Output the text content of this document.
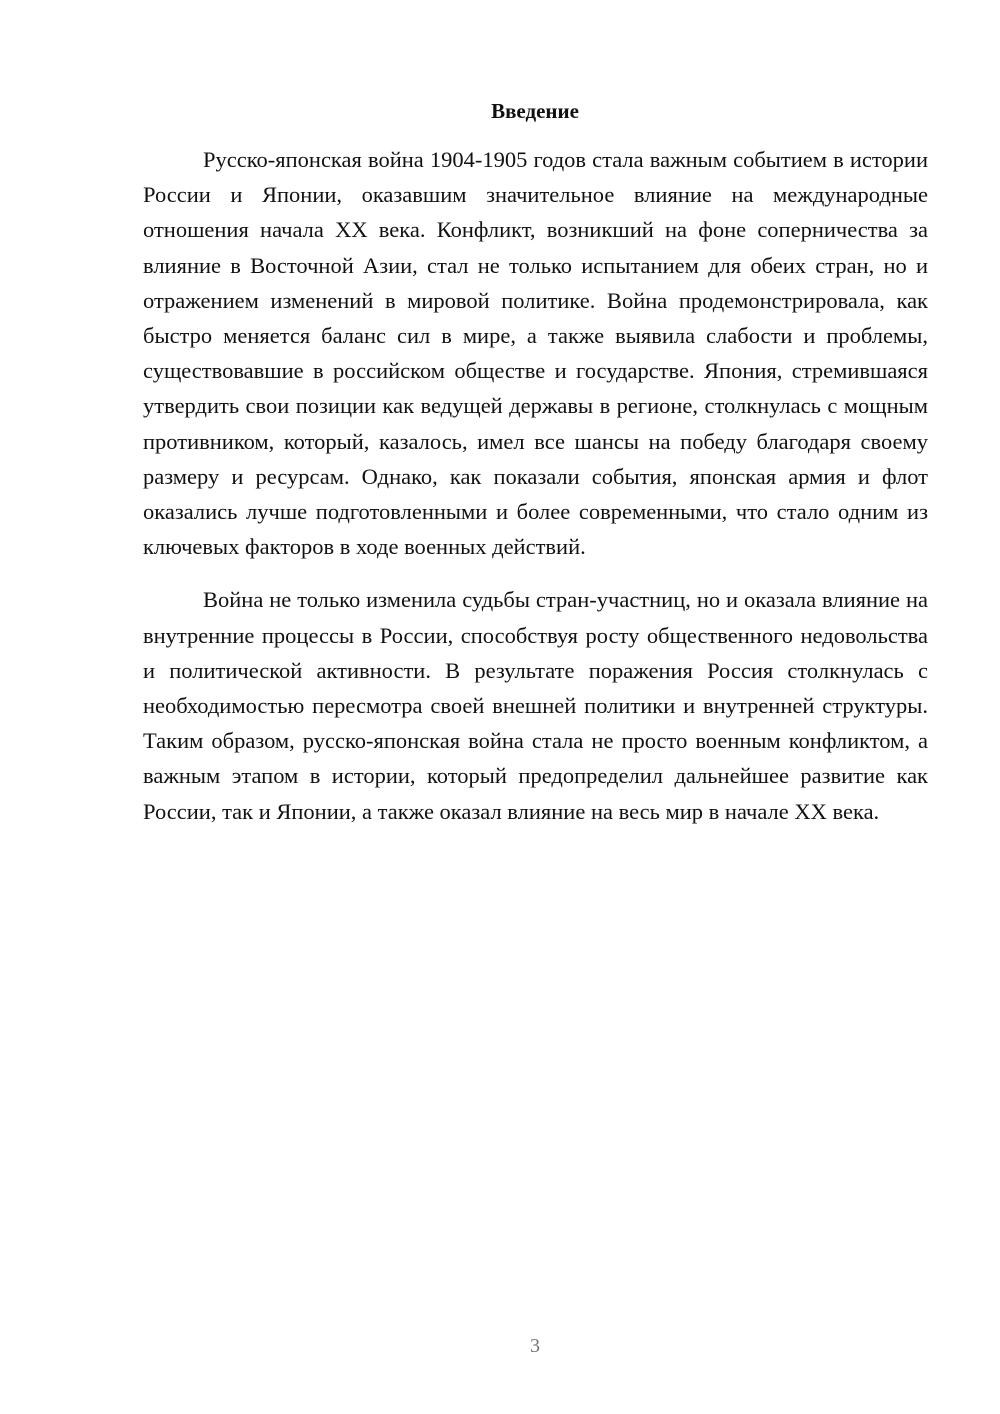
Введение

Русско-японская война 1904-1905 годов стала важным событием в истории России и Японии, оказавшим значительное влияние на международные отношения начала XX века. Конфликт, возникший на фоне соперничества за влияние в Восточной Азии, стал не только испытанием для обеих стран, но и отражением изменений в мировой политике. Война продемонстрировала, как быстро меняется баланс сил в мире, а также выявила слабости и проблемы, существовавшие в российском обществе и государстве. Япония, стремившаяся утвердить свои позиции как ведущей державы в регионе, столкнулась с мощным противником, который, казалось, имел все шансы на победу благодаря своему размеру и ресурсам. Однако, как показали события, японская армия и флот оказались лучше подготовленными и более современными, что стало одним из ключевых факторов в ходе военных действий.

Война не только изменила судьбы стран-участниц, но и оказала влияние на внутренние процессы в России, способствуя росту общественного недовольства и политической активности. В результате поражения Россия столкнулась с необходимостью пересмотра своей внешней политики и внутренней структуры. Таким образом, русско-японская война стала не просто военным конфликтом, а важным этапом в истории, который предопределил дальнейшее развитие как России, так и Японии, а также оказал влияние на весь мир в начале XX века.

3
